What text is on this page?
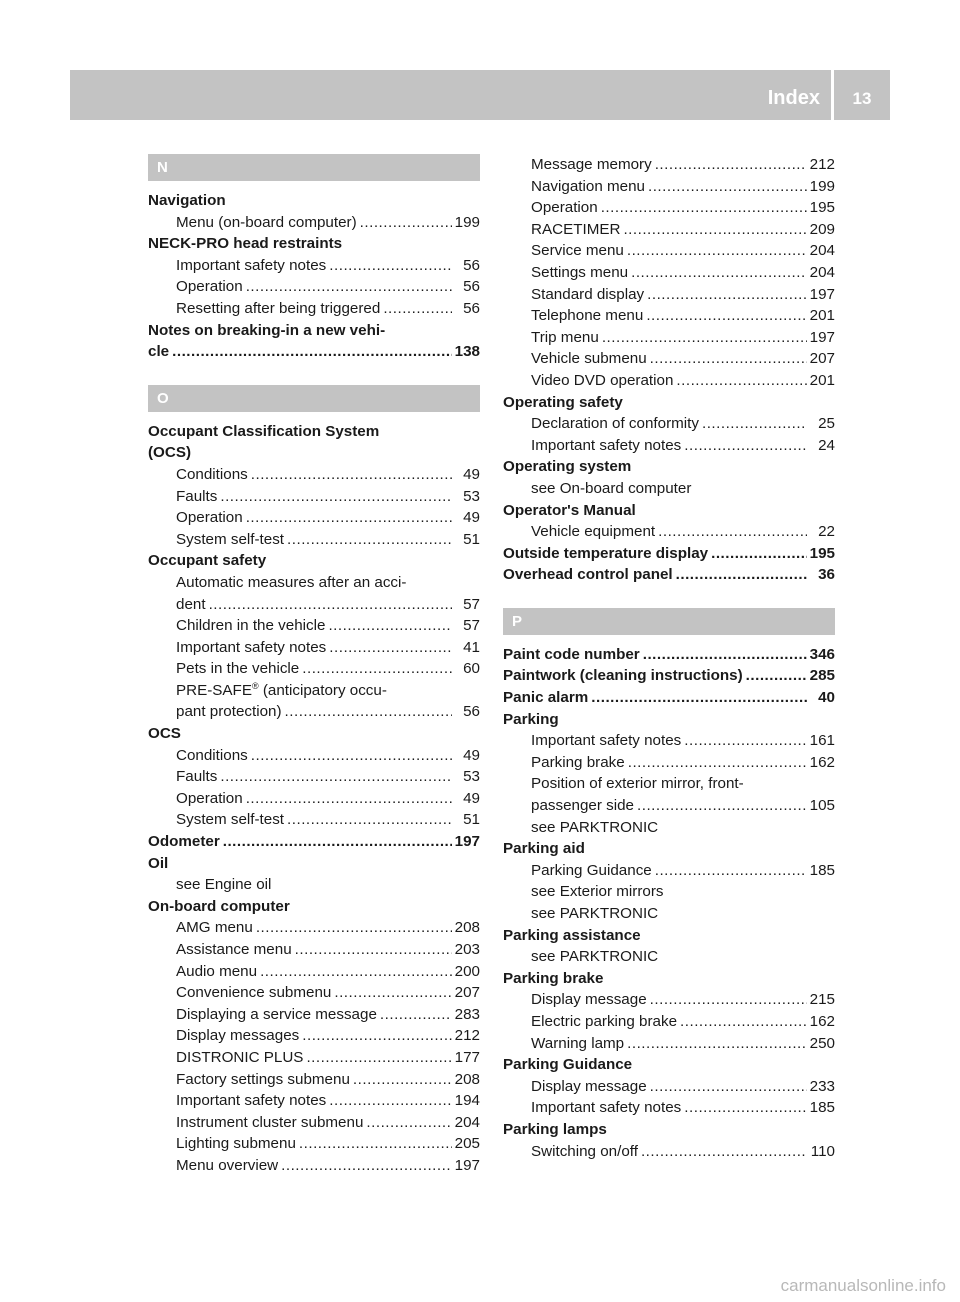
Index	13
N
Navigation
Menu (on-board computer) .....	199
NECK-PRO head restraints
Important safety notes .....	56
Operation .....	56
Resetting after being triggered .....	56
Notes on breaking-in a new vehi-
cle .....	138
O
Occupant Classification System
(OCS)
Conditions .....	49
Faults .....	53
Operation .....	49
System self-test .....	51
Occupant safety
Automatic measures after an acci-
dent .....	57
Children in the vehicle .....	57
Important safety notes .....	41
Pets in the vehicle .....	60
PRE-SAFE® (anticipatory occu-
pant protection) .....	56
OCS
Conditions .....	49
Faults .....	53
Operation .....	49
System self-test .....	51
Odometer .....	197
Oil
see Engine oil
On-board computer
AMG menu .....	208
Assistance menu .....	203
Audio menu .....	200
Convenience submenu .....	207
Displaying a service message .....	283
Display messages .....	212
DISTRONIC PLUS .....	177
Factory settings submenu .....	208
Important safety notes .....	194
Instrument cluster submenu .....	204
Lighting submenu .....	205
Menu overview .....	197
Message memory .....	212
Navigation menu .....	199
Operation .....	195
RACETIMER .....	209
Service menu .....	204
Settings menu .....	204
Standard display .....	197
Telephone menu .....	201
Trip menu .....	197
Vehicle submenu .....	207
Video DVD operation .....	201
Operating safety
Declaration of conformity .....	25
Important safety notes .....	24
Operating system
see On-board computer
Operator's Manual
Vehicle equipment .....	22
Outside temperature display .....	195
Overhead control panel .....	36
P
Paint code number .....	346
Paintwork (cleaning instructions) .....	285
Panic alarm .....	40
Parking
Important safety notes .....	161
Parking brake .....	162
Position of exterior mirror, front-
passenger side .....	105
see PARKTRONIC
Parking aid
Parking Guidance .....	185
see Exterior mirrors
see PARKTRONIC
Parking assistance
see PARKTRONIC
Parking brake
Display message .....	215
Electric parking brake .....	162
Warning lamp .....	250
Parking Guidance
Display message .....	233
Important safety notes .....	185
Parking lamps
Switching on/off .....	110
carmanualsonline.info
